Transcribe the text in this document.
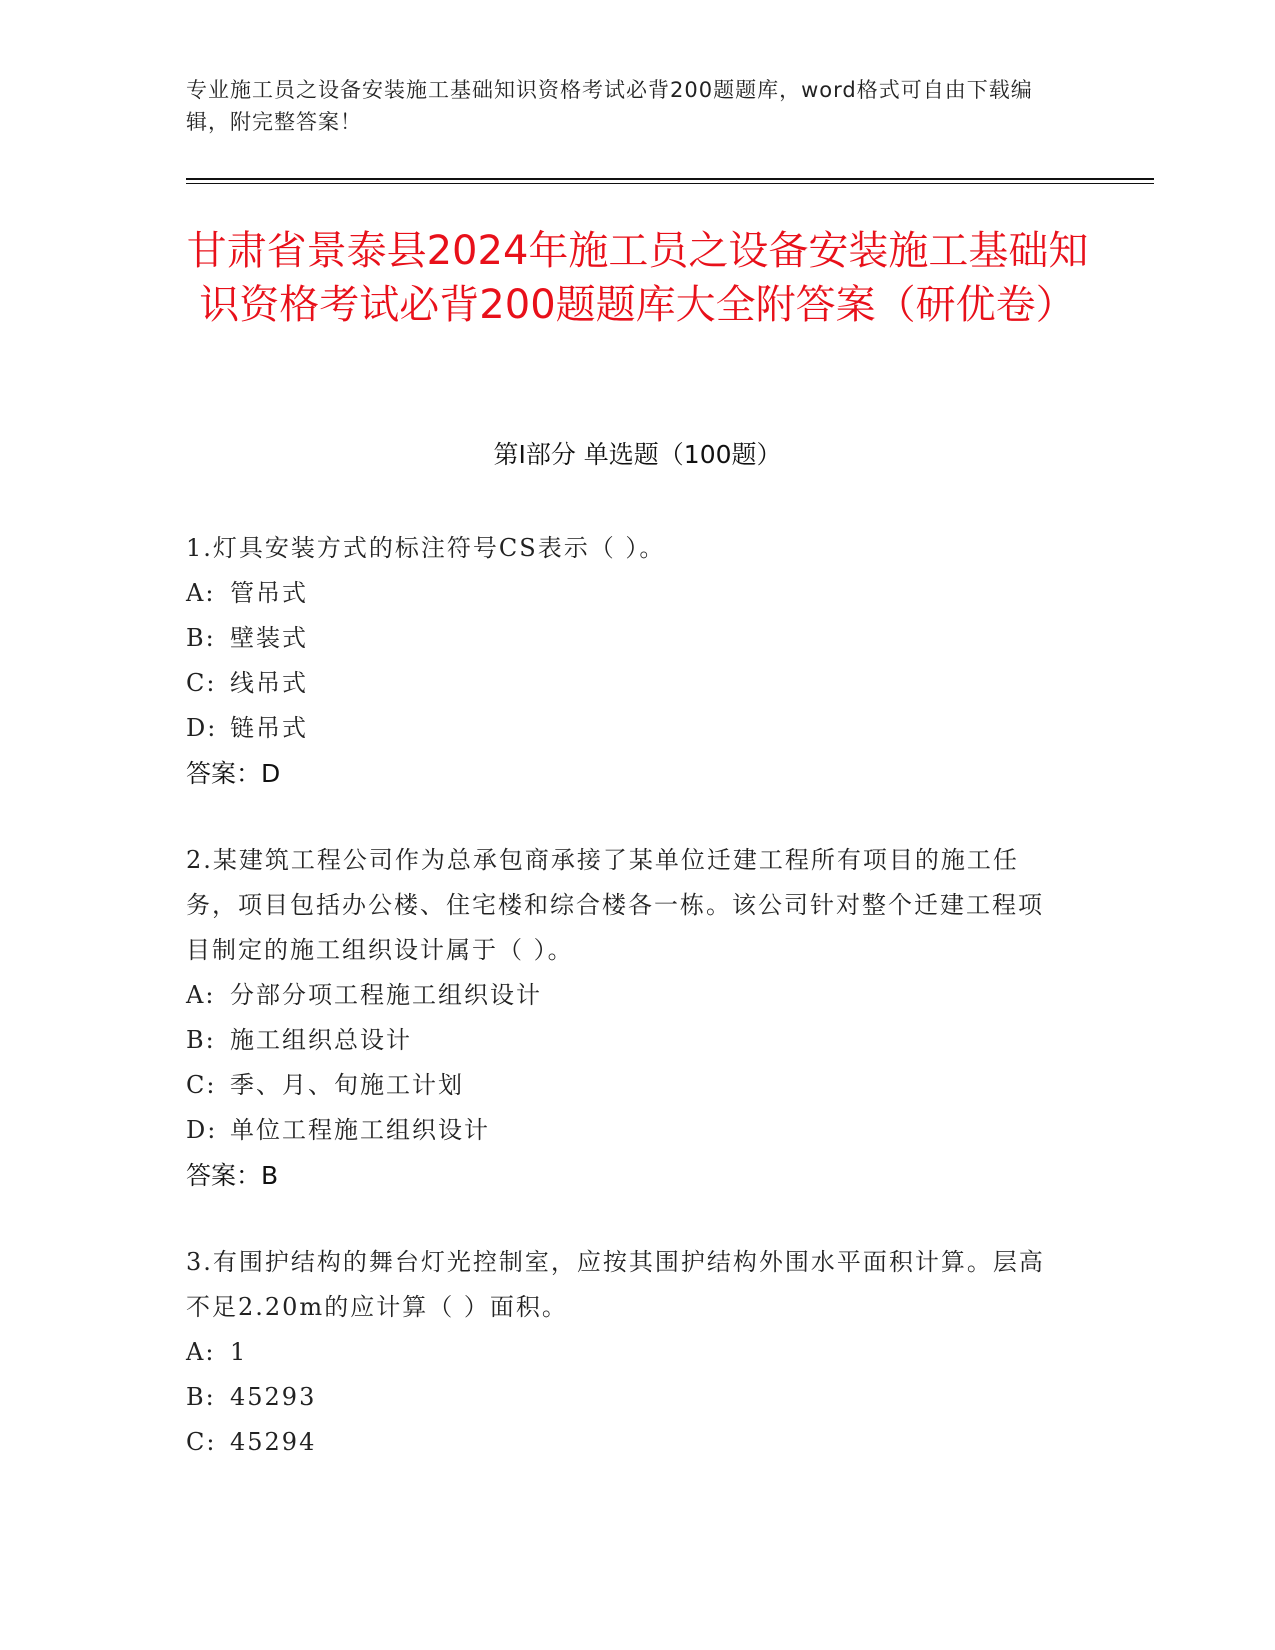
专业施工员之设备安装施工基础知识资格考试必背200题题库，word格式可自由下载编辑，附完整答案！
甘肃省景泰县2024年施工员之设备安装施工基础知识资格考试必背200题题库大全附答案（研优卷）
第Ⅰ部分 单选题（100题）

1.灯具安装方式的标注符号CS表示（ ）。

A: 管吊式

B: 壁装式

C: 线吊式

D: 链吊式

答案：D

2.某建筑工程公司作为总承包商承接了某单位迁建工程所有项目的施工任务，项目包括办公楼、住宅楼和综合楼各一栋。该公司针对整个迁建工程项目制定的施工组织设计属于（ ）。

A: 分部分项工程施工组织设计

B: 施工组织总设计

C: 季、月、旬施工计划

D: 单位工程施工组织设计

答案：B

3.有围护结构的舞台灯光控制室，应按其围护结构外围水平面积计算。层高不足2.20m的应计算（ ）面积。

A: 1

B: 45293

C: 45294
